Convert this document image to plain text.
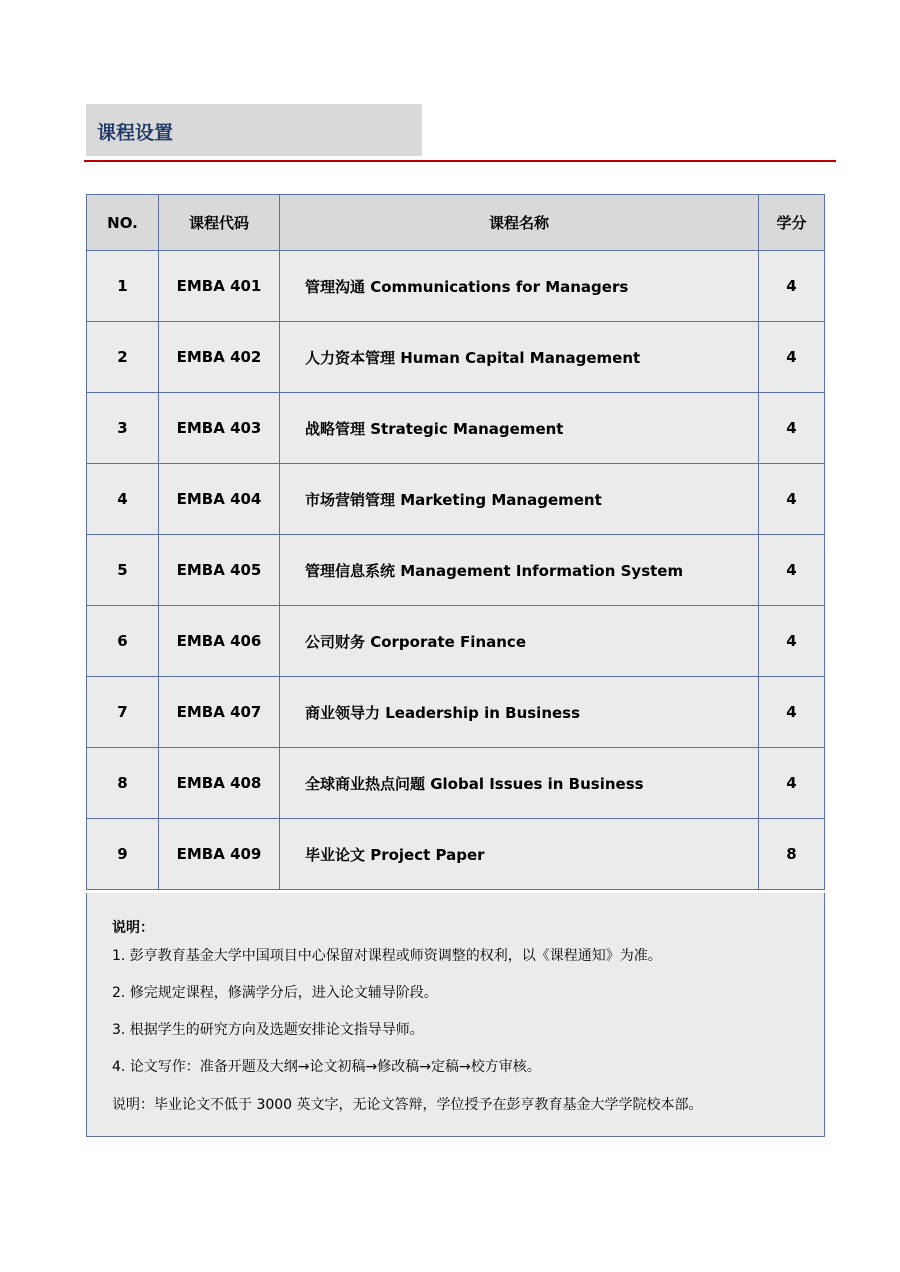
课程设置
NO.	课程代码	课程名称	学分
1	EMBA 401	管理沟通 Communications for Managers	4
2	EMBA 402	人力资本管理 Human Capital Management	4
3	EMBA 403	战略管理 Strategic Management	4
4	EMBA 404	市场营销管理 Marketing Management	4
5	EMBA 405	管理信息系统 Management Information System	4
6	EMBA 406	公司财务 Corporate Finance	4
7	EMBA 407	商业领导力 Leadership in Business	4
8	EMBA 408	全球商业热点问题 Global Issues in Business	4
9	EMBA 409	毕业论文 Project Paper	8
说明：
1. 彭亨教育基金大学中国项目中心保留对课程或师资调整的权利，以《课程通知》为准。
2. 修完规定课程，修满学分后，进入论文辅导阶段。
3. 根据学生的研究方向及选题安排论文指导导师。
4. 论文写作：准备开题及大纲→论文初稿→修改稿→定稿→校方审核。
说明：毕业论文不低于 3000 英文字，无论文答辩，学位授予在彭亨教育基金大学学院校本部。
